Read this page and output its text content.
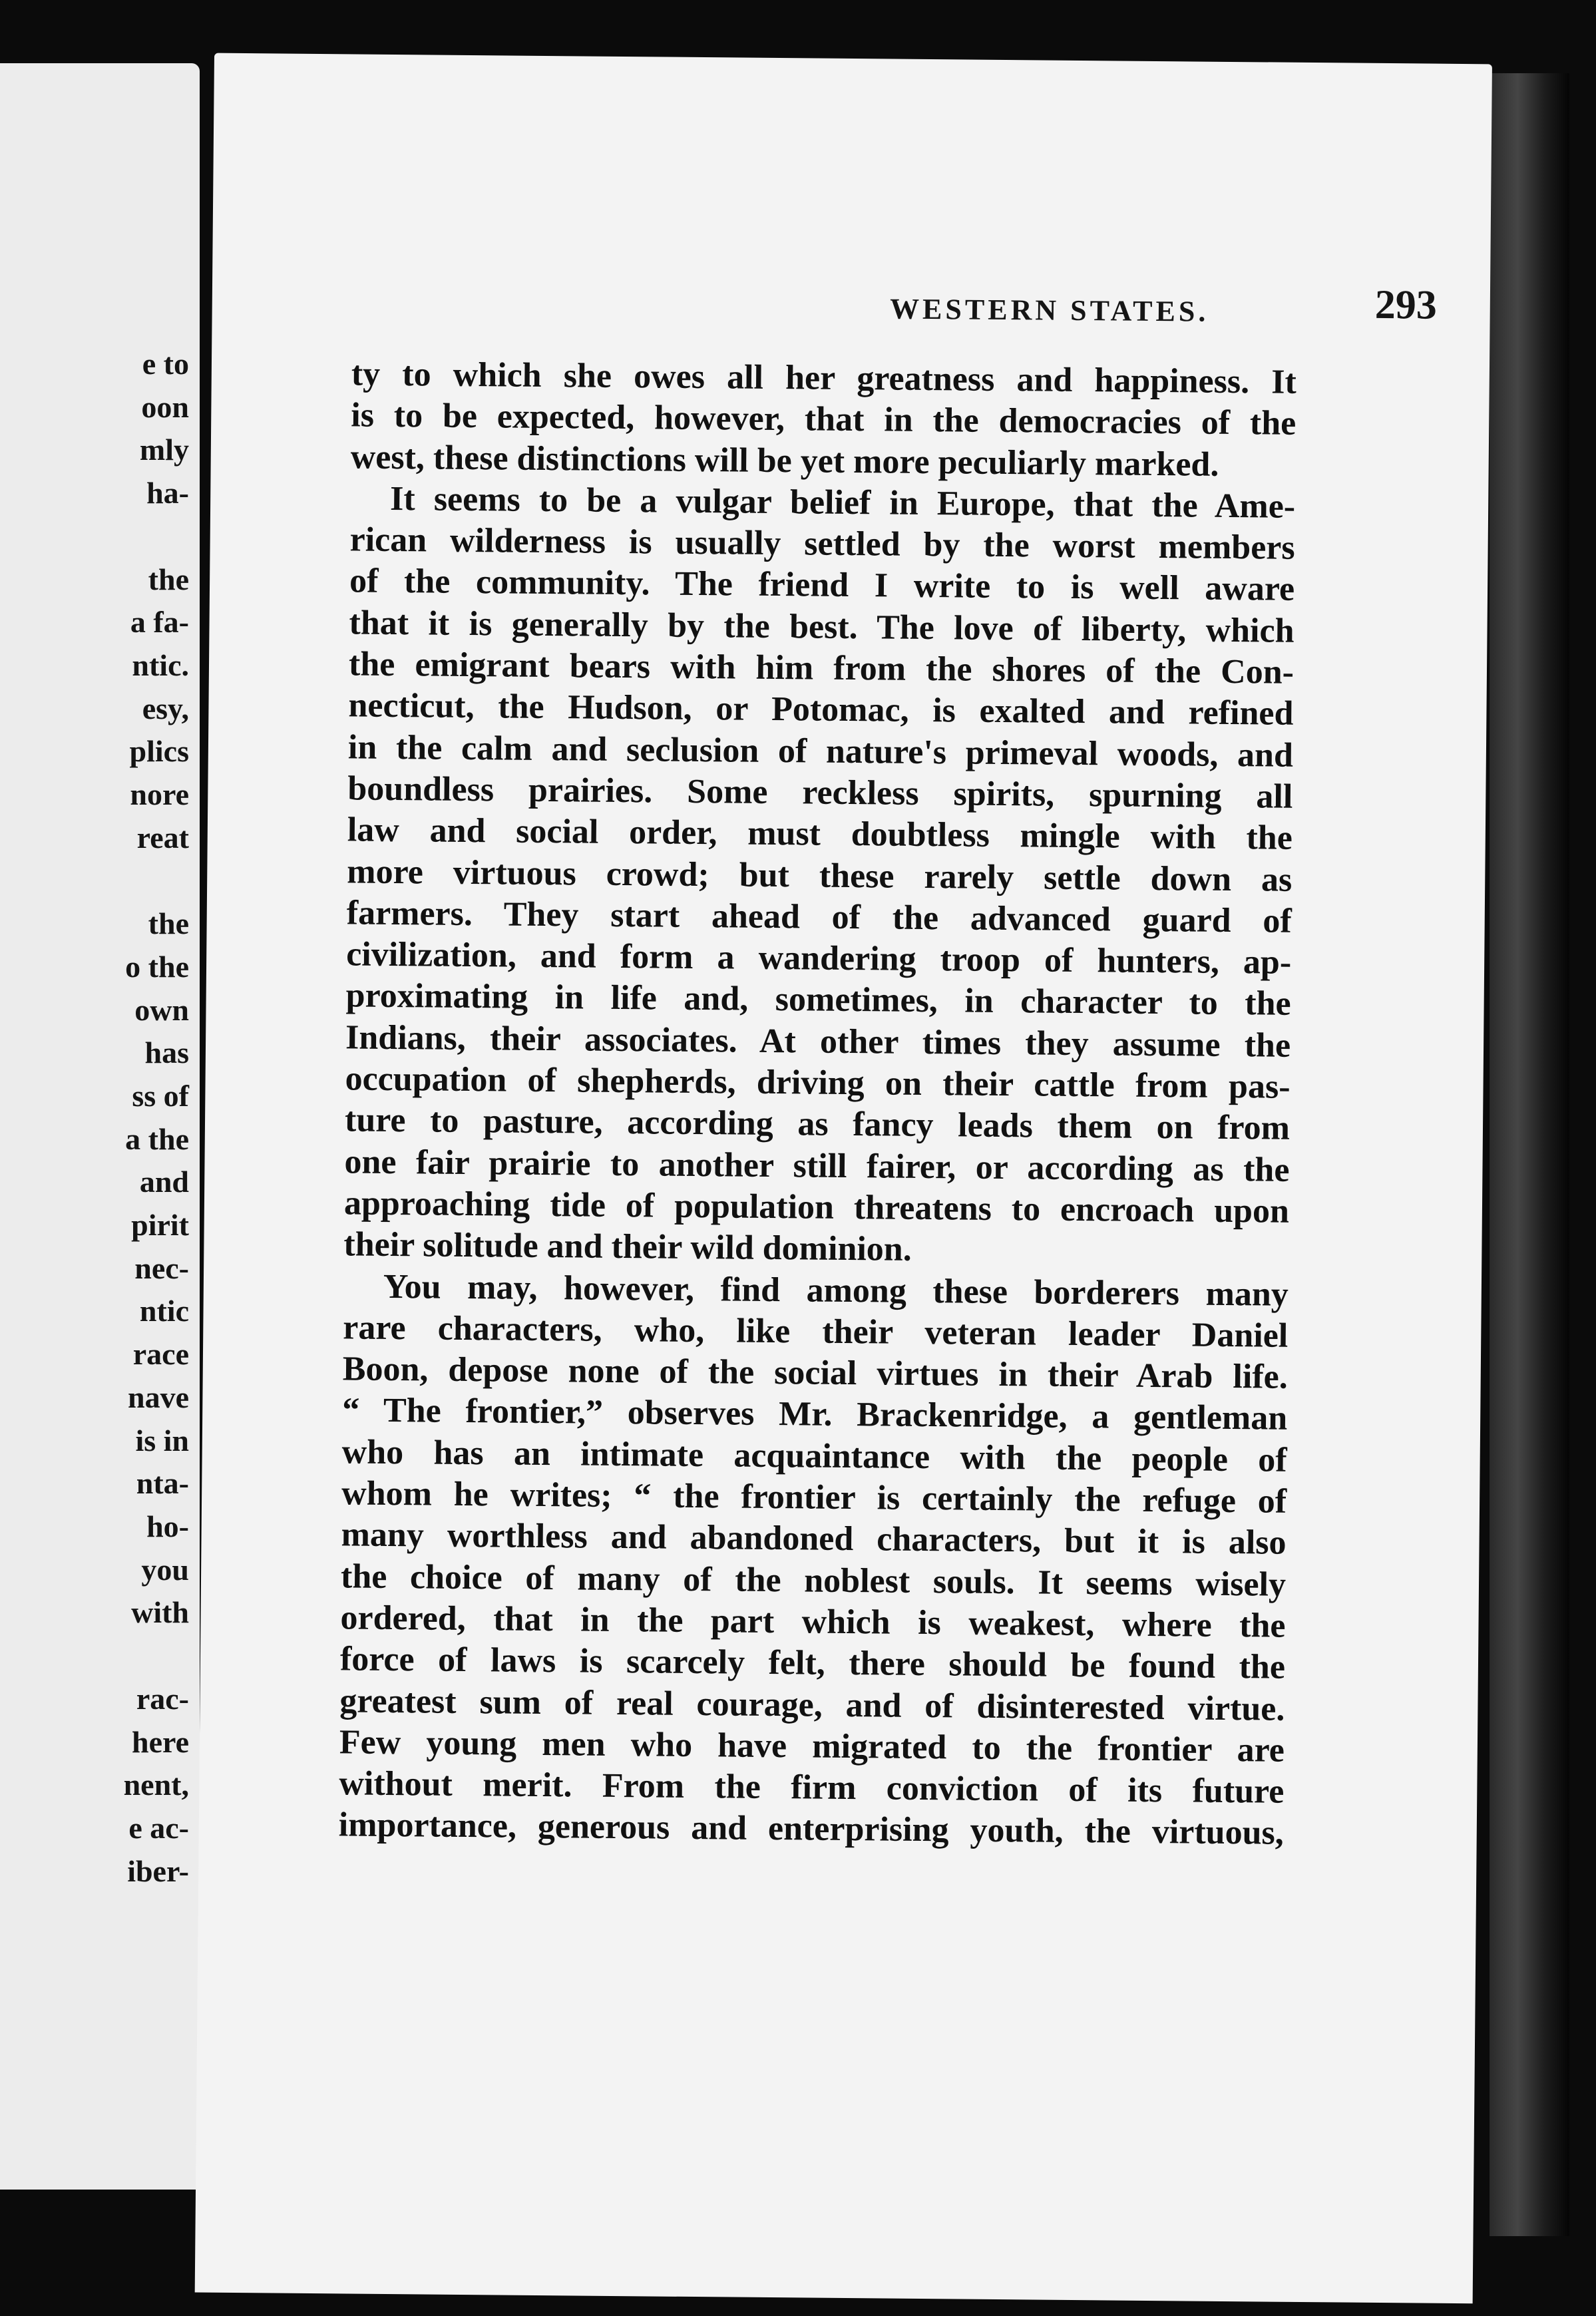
e to
oon
mly
ha-

the
a fa-
ntic.
esy,
plics
nore
reat

the
o the
own
has
ss of
a the
and
pirit
nec-
ntic
race
nave
is in
nta-
ho-
you
with

rac-
here
nent,
e ac-
iber-
WESTERN STATES.	293
ty to which she owes all her greatness and happiness. It
is to be expected, however, that in the democracies of the
west, these distinctions will be yet more peculiarly marked.
It seems to be a vulgar belief in Europe, that the Ame-
rican wilderness is usually settled by the worst members
of the community. The friend I write to is well aware
that it is generally by the best. The love of liberty, which
the emigrant bears with him from the shores of the Con-
necticut, the Hudson, or Potomac, is exalted and refined
in the calm and seclusion of nature's primeval woods, and
boundless prairies. Some reckless spirits, spurning all
law and social order, must doubtless mingle with the
more virtuous crowd; but these rarely settle down as
farmers. They start ahead of the advanced guard of
civilization, and form a wandering troop of hunters, ap-
proximating in life and, sometimes, in character to the
Indians, their associates. At other times they assume the
occupation of shepherds, driving on their cattle from pas-
ture to pasture, according as fancy leads them on from
one fair prairie to another still fairer, or according as the
approaching tide of population threatens to encroach upon
their solitude and their wild dominion.
You may, however, find among these borderers many
rare characters, who, like their veteran leader Daniel
Boon, depose none of the social virtues in their Arab life.
“ The frontier,” observes Mr. Brackenridge, a gentleman
who has an intimate acquaintance with the people of
whom he writes; “ the frontier is certainly the refuge of
many worthless and abandoned characters, but it is also
the choice of many of the noblest souls. It seems wisely
ordered, that in the part which is weakest, where the
force of laws is scarcely felt, there should be found the
greatest sum of real courage, and of disinterested virtue.
Few young men who have migrated to the frontier are
without merit. From the firm conviction of its future
importance, generous and enterprising youth, the virtuous,
